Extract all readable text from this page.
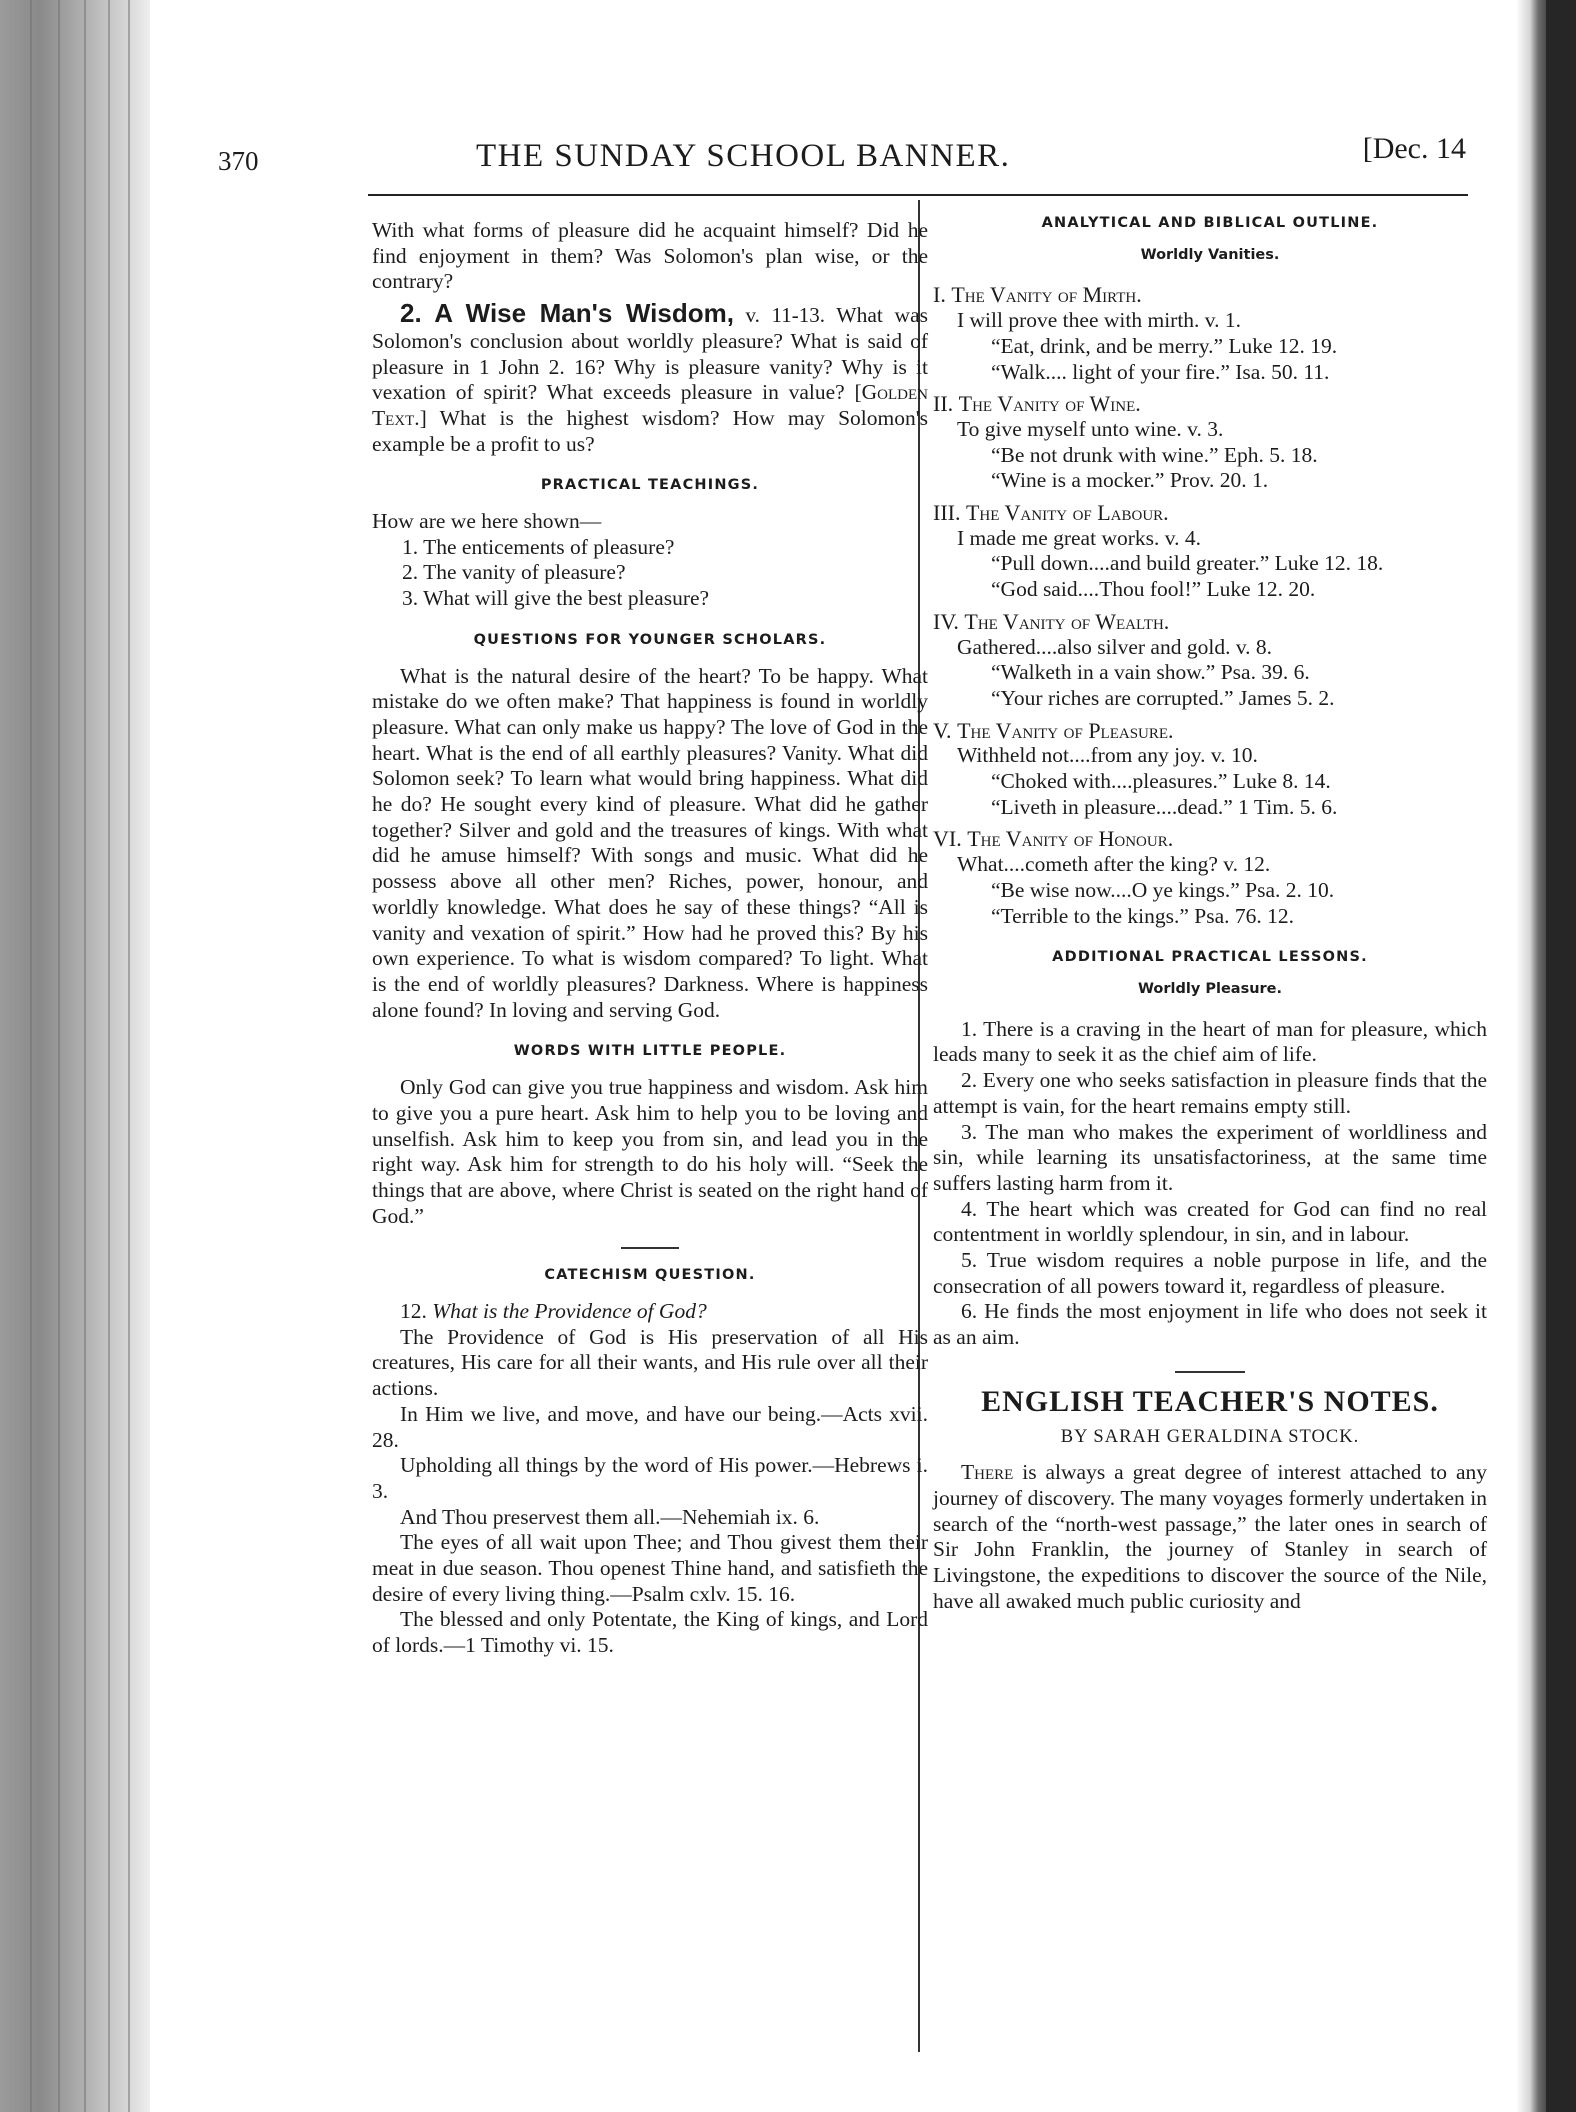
370	THE SUNDAY SCHOOL BANNER.	[Dec. 14

With what forms of pleasure did he acquaint himself? Did he find enjoyment in them? Was Solomon's plan wise, or the contrary?

2. A Wise Man's Wisdom, v. 11-13. What was Solomon's conclusion about worldly pleasure? What is said of pleasure in 1 John 2. 16? Why is pleasure vanity? Why is it vexation of spirit? What exceeds pleasure in value? [Golden Text.] What is the highest wisdom? How may Solomon's example be a profit to us?

PRACTICAL TEACHINGS.

How are we here shown—

1. The enticements of pleasure?
2. The vanity of pleasure?
3. What will give the best pleasure?
QUESTIONS FOR YOUNGER SCHOLARS.

What is the natural desire of the heart? To be happy. What mistake do we often make? That happiness is found in worldly pleasure. What can only make us happy? The love of God in the heart. What is the end of all earthly pleasures? Vanity. What did Solomon seek? To learn what would bring happiness. What did he do? He sought every kind of pleasure. What did he gather together? Silver and gold and the treasures of kings. With what did he amuse himself? With songs and music. What did he possess above all other men? Riches, power, honour, and worldly knowledge. What does he say of these things? “All is vanity and vexation of spirit.” How had he proved this? By his own experience. To what is wisdom compared? To light. What is the end of worldly pleasures? Darkness. Where is happiness alone found? In loving and serving God.

WORDS WITH LITTLE PEOPLE.

Only God can give you true happiness and wisdom. Ask him to give you a pure heart. Ask him to help you to be loving and unselfish. Ask him to keep you from sin, and lead you in the right way. Ask him for strength to do his holy will. “Seek the things that are above, where Christ is seated on the right hand of God.”

CATECHISM QUESTION.

12. What is the Providence of God?

The Providence of God is His preservation of all His creatures, His care for all their wants, and His rule over all their actions.

In Him we live, and move, and have our being.—Acts xvii. 28.

Upholding all things by the word of His power.—Hebrews i. 3.

And Thou preservest them all.—Nehemiah ix. 6.

The eyes of all wait upon Thee; and Thou givest them their meat in due season. Thou openest Thine hand, and satisfieth the desire of every living thing.—Psalm cxlv. 15. 16.

The blessed and only Potentate, the King of kings, and Lord of lords.—1 Timothy vi. 15.

ANALYTICAL AND BIBLICAL OUTLINE.
Worldly Vanities.
I. The Vanity of Mirth.
I will prove thee with mirth. v. 1.
“Eat, drink, and be merry.” Luke 12. 19.
“Walk.... light of your fire.” Isa. 50. 11.
II. The Vanity of Wine.
To give myself unto wine. v. 3.
“Be not drunk with wine.” Eph. 5. 18.
“Wine is a mocker.” Prov. 20. 1.
III. The Vanity of Labour.
I made me great works. v. 4.
“Pull down....and build greater.” Luke 12. 18.
“God said....Thou fool!” Luke 12. 20.
IV. The Vanity of Wealth.
Gathered....also silver and gold. v. 8.
“Walketh in a vain show.” Psa. 39. 6.
“Your riches are corrupted.” James 5. 2.
V. The Vanity of Pleasure.
Withheld not....from any joy. v. 10.
“Choked with....pleasures.” Luke 8. 14.
“Liveth in pleasure....dead.” 1 Tim. 5. 6.
VI. The Vanity of Honour.
What....cometh after the king? v. 12.
“Be wise now....O ye kings.” Psa. 2. 10.
“Terrible to the kings.” Psa. 76. 12.
ADDITIONAL PRACTICAL LESSONS.
Worldly Pleasure.

1. There is a craving in the heart of man for pleasure, which leads many to seek it as the chief aim of life.

2. Every one who seeks satisfaction in pleasure finds that the attempt is vain, for the heart remains empty still.

3. The man who makes the experiment of worldliness and sin, while learning its unsatisfactoriness, at the same time suffers lasting harm from it.

4. The heart which was created for God can find no real contentment in worldly splendour, in sin, and in labour.

5. True wisdom requires a noble purpose in life, and the consecration of all powers toward it, regardless of pleasure.

6. He finds the most enjoyment in life who does not seek it as an aim.

ENGLISH TEACHER'S NOTES.
BY SARAH GERALDINA STOCK.

There is always a great degree of interest attached to any journey of discovery. The many voyages formerly undertaken in search of the “north-west passage,” the later ones in search of Sir John Franklin, the journey of Stanley in search of Livingstone, the expeditions to discover the source of the Nile, have all awaked much public curiosity and
